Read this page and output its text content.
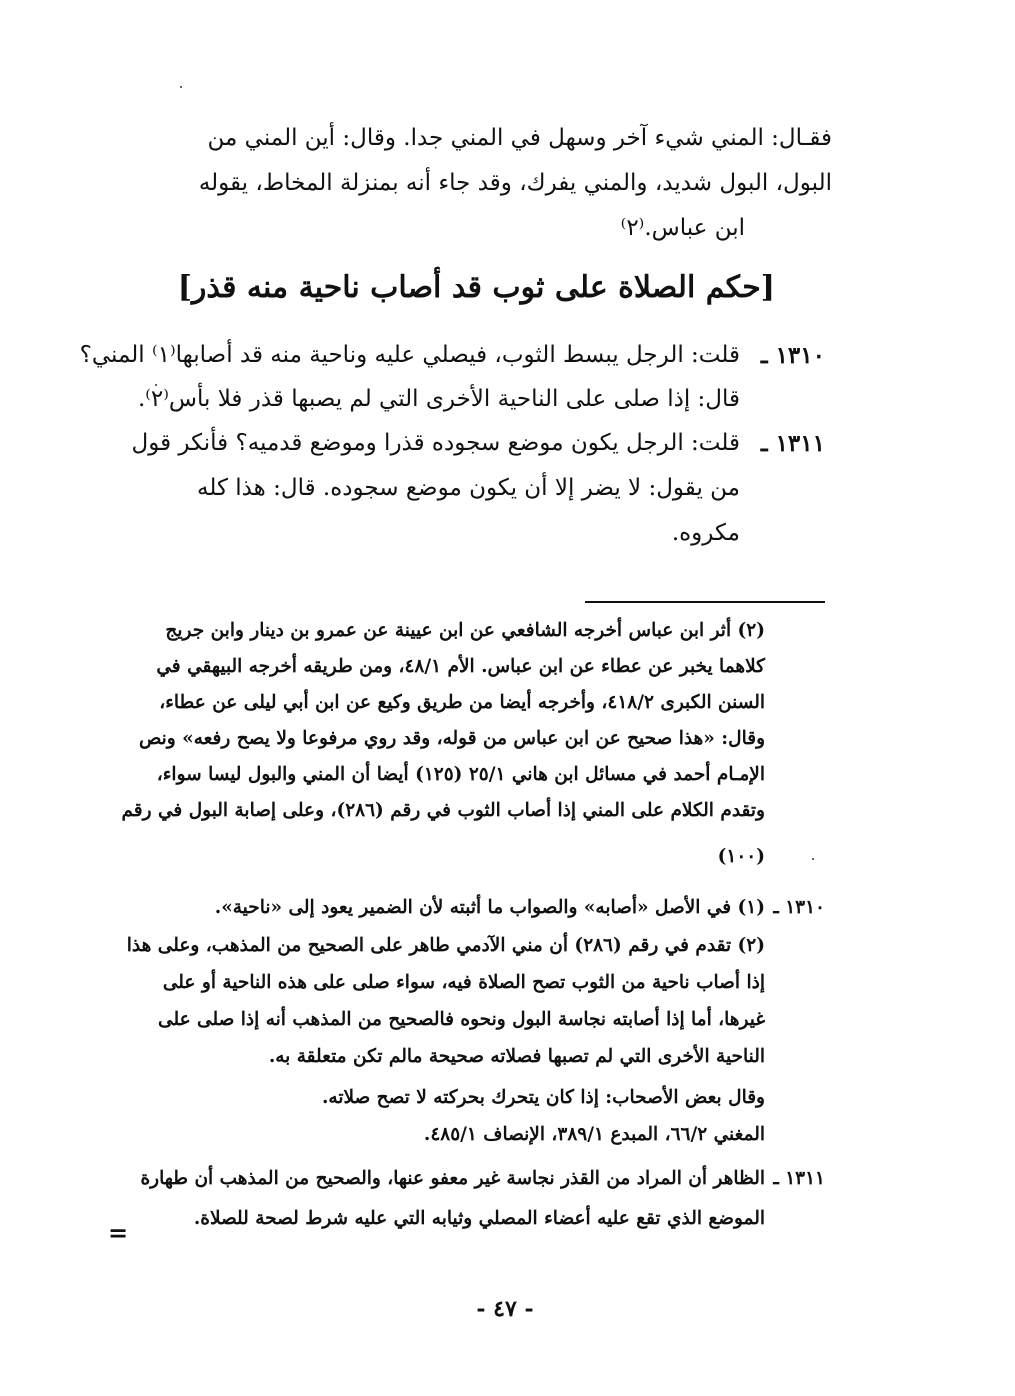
فقـال: المني شيء آخر وسهل في المني جدا. وقال: أين المني من
البول، البول شديد، والمني يفرك، وقد جاء أنه بمنزلة المخاط، يقوله
ابن عباس.⁽٢⁾
[حكم الصلاة على ثوب قد أصاب ناحية منه قذر]
١٣١٠ ـ
قلت: الرجل يبسط الثوب، فيصلي عليه وناحية منه قد أصابها⁽١⁾ المني؟
قال: إذا صلى على الناحية الأخرى التي لم يصبها قذر فلا بأس⁽٢⁾.
١٣١١ ـ
قلت: الرجل يكون موضع سجوده قذرا وموضع قدميه؟ فأنكر قول
من يقول: لا يضر إلا أن يكون موضع سجوده. قال: هذا كله
مكروه.
(٢) أثر ابن عباس أخرجه الشافعي عن ابن عيينة عن عمرو بن دينار وابن جريج
كلاهما يخبر عن عطاء عن ابن عباس. الأم ٤٨/١، ومن طريقه أخرجه البيهقي في
السنن الكبرى ٤١٨/٢، وأخرجه أيضا من طريق وكيع عن ابن أبي ليلى عن عطاء،
وقال: «هذا صحيح عن ابن عباس من قوله، وقد روي مرفوعا ولا يصح رفعه» ونص
الإمـام أحمد في مسائل ابن هاني ٢٥/١ (١٢٥) أيضا أن المني والبول ليسا سواء،
وتقدم الكلام على المني إذا أصاب الثوب في رقم (٢٨٦)، وعلى إصابة البول في رقم
(١٠٠)
١٣١٠ ـ
(١) في الأصل «أصابه» والصواب ما أثبته لأن الضمير يعود إلى «ناحية».
(٢) تقدم في رقم (٢٨٦) أن مني الآدمي طاهر على الصحيح من المذهب، وعلى هذا
إذا أصاب ناحية من الثوب تصح الصلاة فيه، سواء صلى على هذه الناحية أو على
غيرها، أما إذا أصابته نجاسة البول ونحوه فالصحيح من المذهب أنه إذا صلى على
الناحية الأخرى التي لم تصبها فصلاته صحيحة مالم تكن متعلقة به.
وقال بعض الأصحاب: إذا كان يتحرك بحركته لا تصح صلاته.
المغني ٦٦/٢، المبدع ٣٨٩/١، الإنصاف ٤٨٥/١.
١٣١١ ـ
الظاهر أن المراد من القذر نجاسة غير معفو عنها، والصحيح من المذهب أن طهارة
الموضع الذي تقع عليه أعضاء المصلي وثيابه التي عليه شرط لصحة للصلاة.
=
- ٤٧ -
